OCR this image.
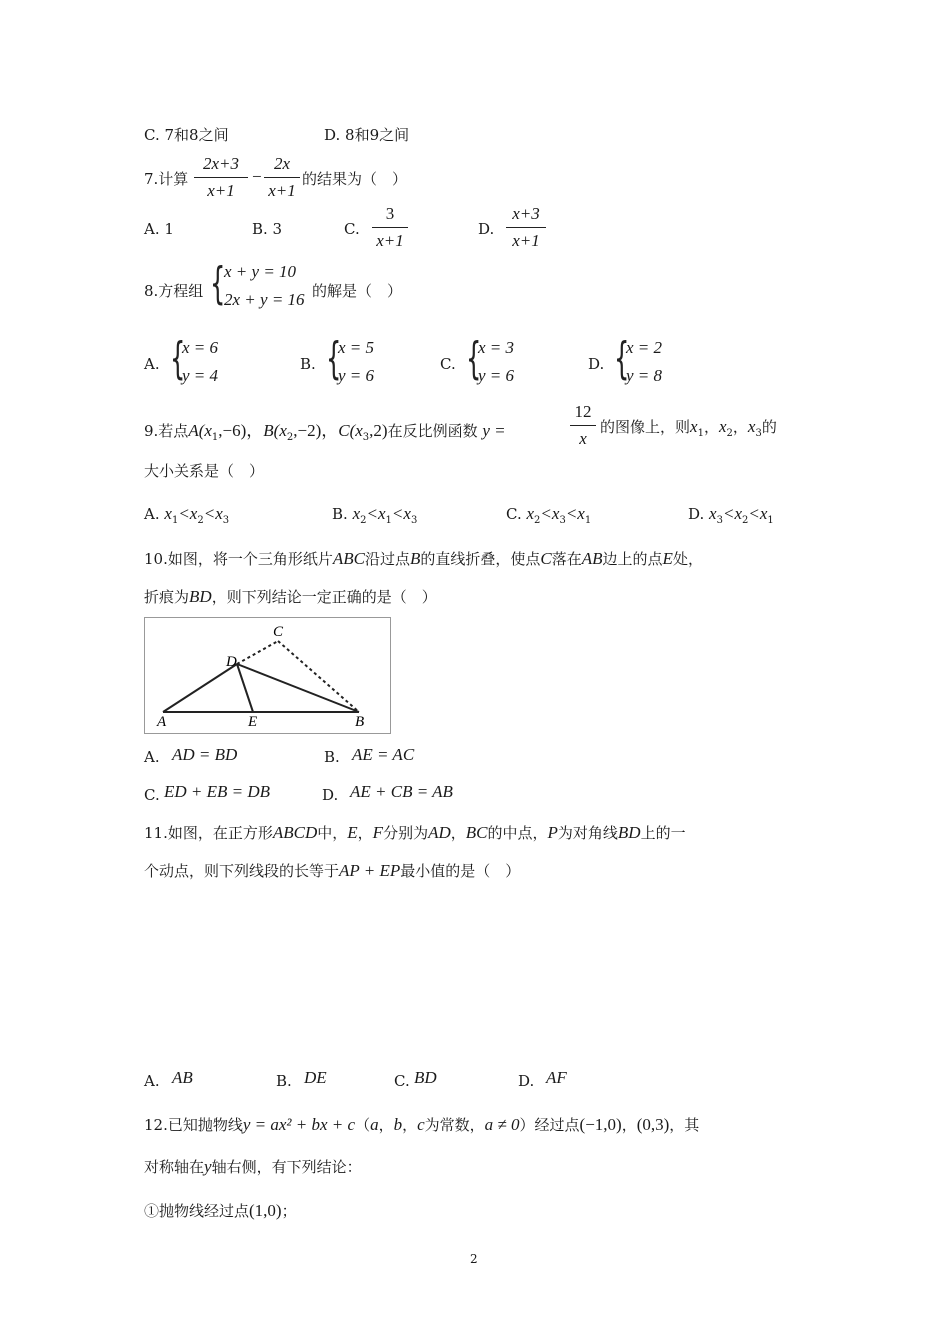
C. 7和8之间	D. 8和9之间
7.计算
2x+3
x+1
−
2x
x+1
的结果为（　）
A. 1	B. 3	C.
3
x+1
D.
x+3
x+1
8.方程组 {
x + y = 10
2x + y = 16 的解是（　）
A. {
x = 6
y = 4
B. {
x = 5
y = 6
C. {
x = 3
y = 6
D. {
x = 2
y = 8
9.若点$A(x_1,-6)$，$B(x_2,-2)$，$C(x_3,2)$在反比例函数 y =
12
x
的图像上，则$x_1$，$x_2$，$x_3$的
大小关系是（　）
A. $x_1<x_2<x_3$	B. $x_2<x_1<x_3$	C. $x_2<x_3<x_1$	D. $x_3<x_2<x_1$
10.如图，将一个三角形纸片ABC沿过点B的直线折叠，使点C落在AB边上的点E处，
折痕为BD，则下列结论一定正确的是（　）
C
D
A	E	B
A. AD = BD	B. AE = AC
C. ED + EB = DB	D. AE + CB = AB
11.如图，在正方形ABCD中，E，F分别为AD，BC的中点，P为对角线BD上的一
个动点，则下列线段的长等于AP + EP最小值的是（　）
A. AB	B. DE	C. BD	D. AF
12.已知抛物线y = ax² + bx + c（a，b，c为常数，a ≠ 0）经过点(−1,0)，(0,3)，其
对称轴在y轴右侧，有下列结论：
①抛物线经过点(1,0)；
2
